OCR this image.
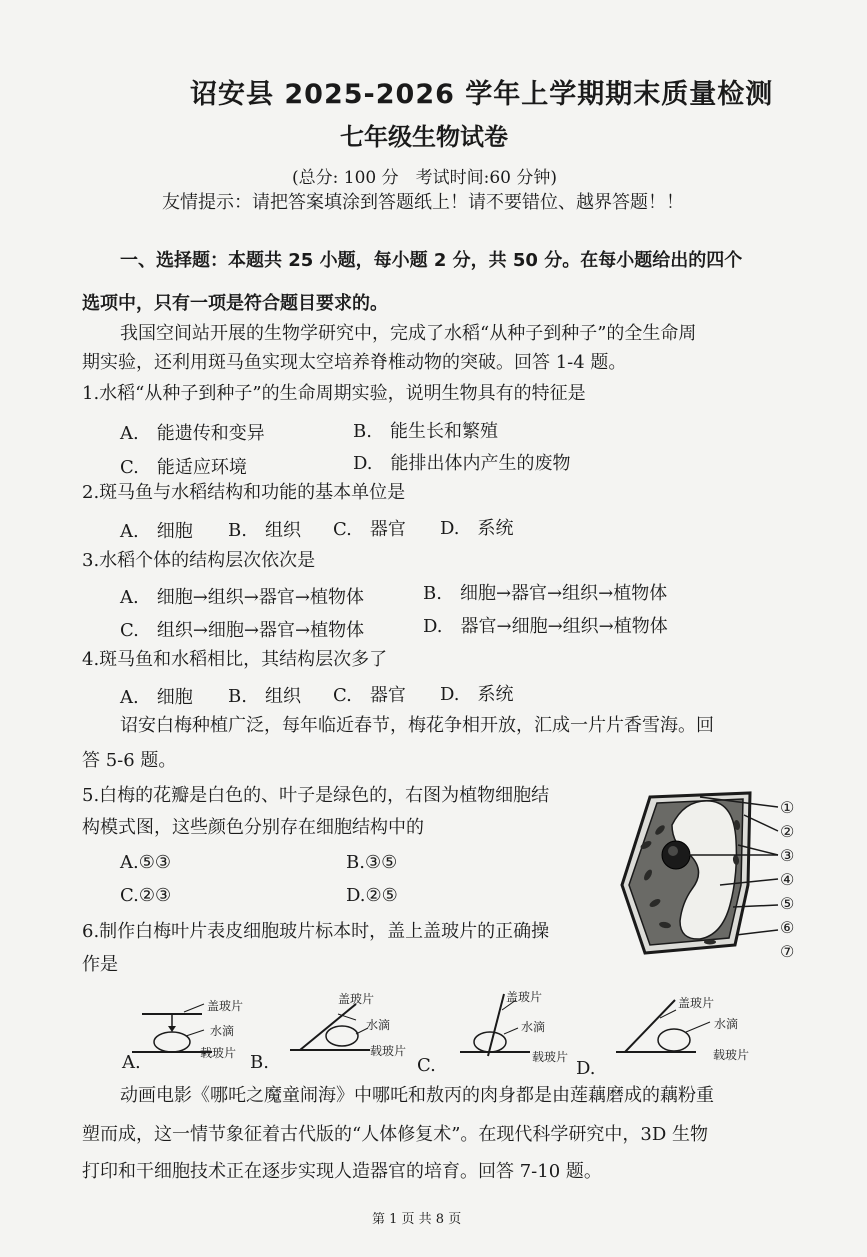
诏安县 2025-2026 学年上学期期末质量检测
七年级生物试卷
(总分: 100 分　考试时间:60 分钟)
友情提示：请把答案填涂到答题纸上！请不要错位、越界答题！！
一、选择题：本题共 25 小题，每小题 2 分，共 50 分。在每小题给出的四个
选项中，只有一项是符合题目要求的。
我国空间站开展的生物学研究中，完成了水稻“从种子到种子”的全生命周
期实验，还利用斑马鱼实现太空培养脊椎动物的突破。回答 1-4 题。
1.水稻“从种子到种子”的生命周期实验，说明生物具有的特征是
A.　能遗传和变异	B.　能生长和繁殖
C.　能适应环境	D.　能排出体内产生的废物
2.斑马鱼与水稻结构和功能的基本单位是
A.　细胞 B.　组织 C.　器官 D.　系统
3.水稻个体的结构层次依次是
A.　细胞→组织→器官→植物体	B.　细胞→器官→组织→植物体
C.　组织→细胞→器官→植物体	D.　器官→细胞→组织→植物体
4.斑马鱼和水稻相比，其结构层次多了
A.　细胞 B.　组织 C.　器官 D.　系统
诏安白梅种植广泛，每年临近春节，梅花争相开放，汇成一片片香雪海。回
答 5-6 题。
5.白梅的花瓣是白色的、叶子是绿色的，右图为植物细胞结
构模式图，这些颜色分别存在细胞结构中的
A.⑤③	B.③⑤
C.②③	D.②⑤
①
②
③
④
⑤
⑥
⑦
6.制作白梅叶片表皮细胞玻片标本时，盖上盖玻片的正确操
作是
盖玻片
水滴
载玻片
A.
盖玻片
水滴
载玻片
B.
盖玻片
水滴
载玻片
C.
盖玻片
水滴
载玻片
D.
动画电影《哪吒之魔童闹海》中哪吒和敖丙的肉身都是由莲藕磨成的藕粉重
塑而成，这一情节象征着古代版的“人体修复术”。在现代科学研究中，3D 生物
打印和干细胞技术正在逐步实现人造器官的培育。回答 7-10 题。
第 1 页 共 8 页
